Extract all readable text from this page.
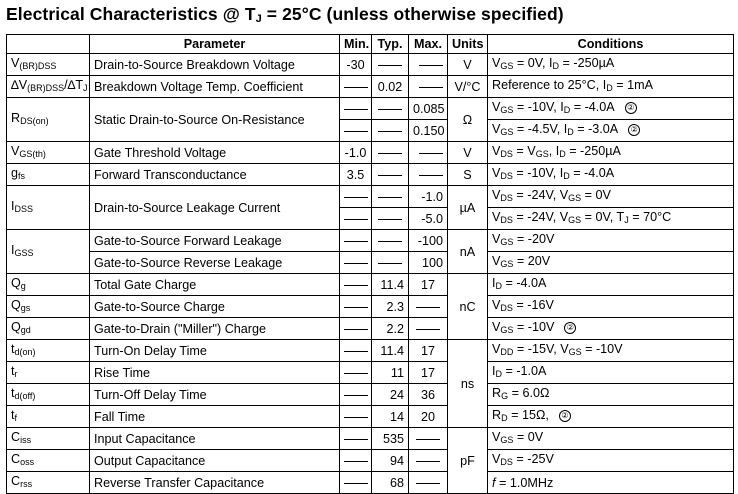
Electrical Characteristics @ $T_J = 25^\circ C$ (unless otherwise specified)
	Parameter	Min.	Typ.	Max.	Units	Conditions
$V_{(BR)DSS}$	Drain-to-Source Breakdown Voltage	-30			V	$V_{GS} = 0V$, $I_D = -250\mu A$
$\Delta V_{(BR)DSS}/\Delta T_J$	Breakdown Voltage Temp. Coefficient		0.02		V/°C	Reference to 25°C, $I_D = 1mA$
$R_{DS(on)}$	Static Drain-to-Source On-Resistance			0.085	Ω	$V_{GS} = -10V$, $I_D = -4.0A$ ②
				0.150		$V_{GS} = -4.5V$, $I_D = -3.0A$ ②
$V_{GS(th)}$	Gate Threshold Voltage	-1.0			V	$V_{DS} = V_{GS}$, $I_D = -250\mu A$
$g_{fs}$	Forward Transconductance	3.5			S	$V_{DS} = -10V$, $I_D = -4.0A$
$I_{DSS}$	Drain-to-Source Leakage Current			-1.0	µA	$V_{DS} = -24V$, $V_{GS} = 0V$
				-5.0		$V_{DS} = -24V$, $V_{GS} = 0V$, $T_J = 70^\circ C$
$I_{GSS}$	Gate-to-Source Forward Leakage			-100	nA	$V_{GS} = -20V$
	Gate-to-Source Reverse Leakage			100		$V_{GS} = 20V$
$Q_g$	Total Gate Charge		11.4	17	nC	$I_D = -4.0A$
$Q_{gs}$	Gate-to-Source Charge		2.3			$V_{DS} = -16V$
$Q_{gd}$	Gate-to-Drain ("Miller") Charge		2.2			$V_{GS} = -10V$ ②
$t_{d(on)}$	Turn-On Delay Time		11.4	17	ns	$V_{DD} = -15V$, $V_{GS} = -10V$
$t_r$	Rise Time		11	17		$I_D = -1.0A$
$t_{d(off)}$	Turn-Off Delay Time		24	36		$R_G = 6.0\Omega$
$t_f$	Fall Time		14	20		$R_D = 15\Omega$, ②
$C_{iss}$	Input Capacitance		535		pF	$V_{GS} = 0V$
$C_{oss}$	Output Capacitance		94			$V_{DS} = -25V$
$C_{rss}$	Reverse Transfer Capacitance		68			f = 1.0MHz
